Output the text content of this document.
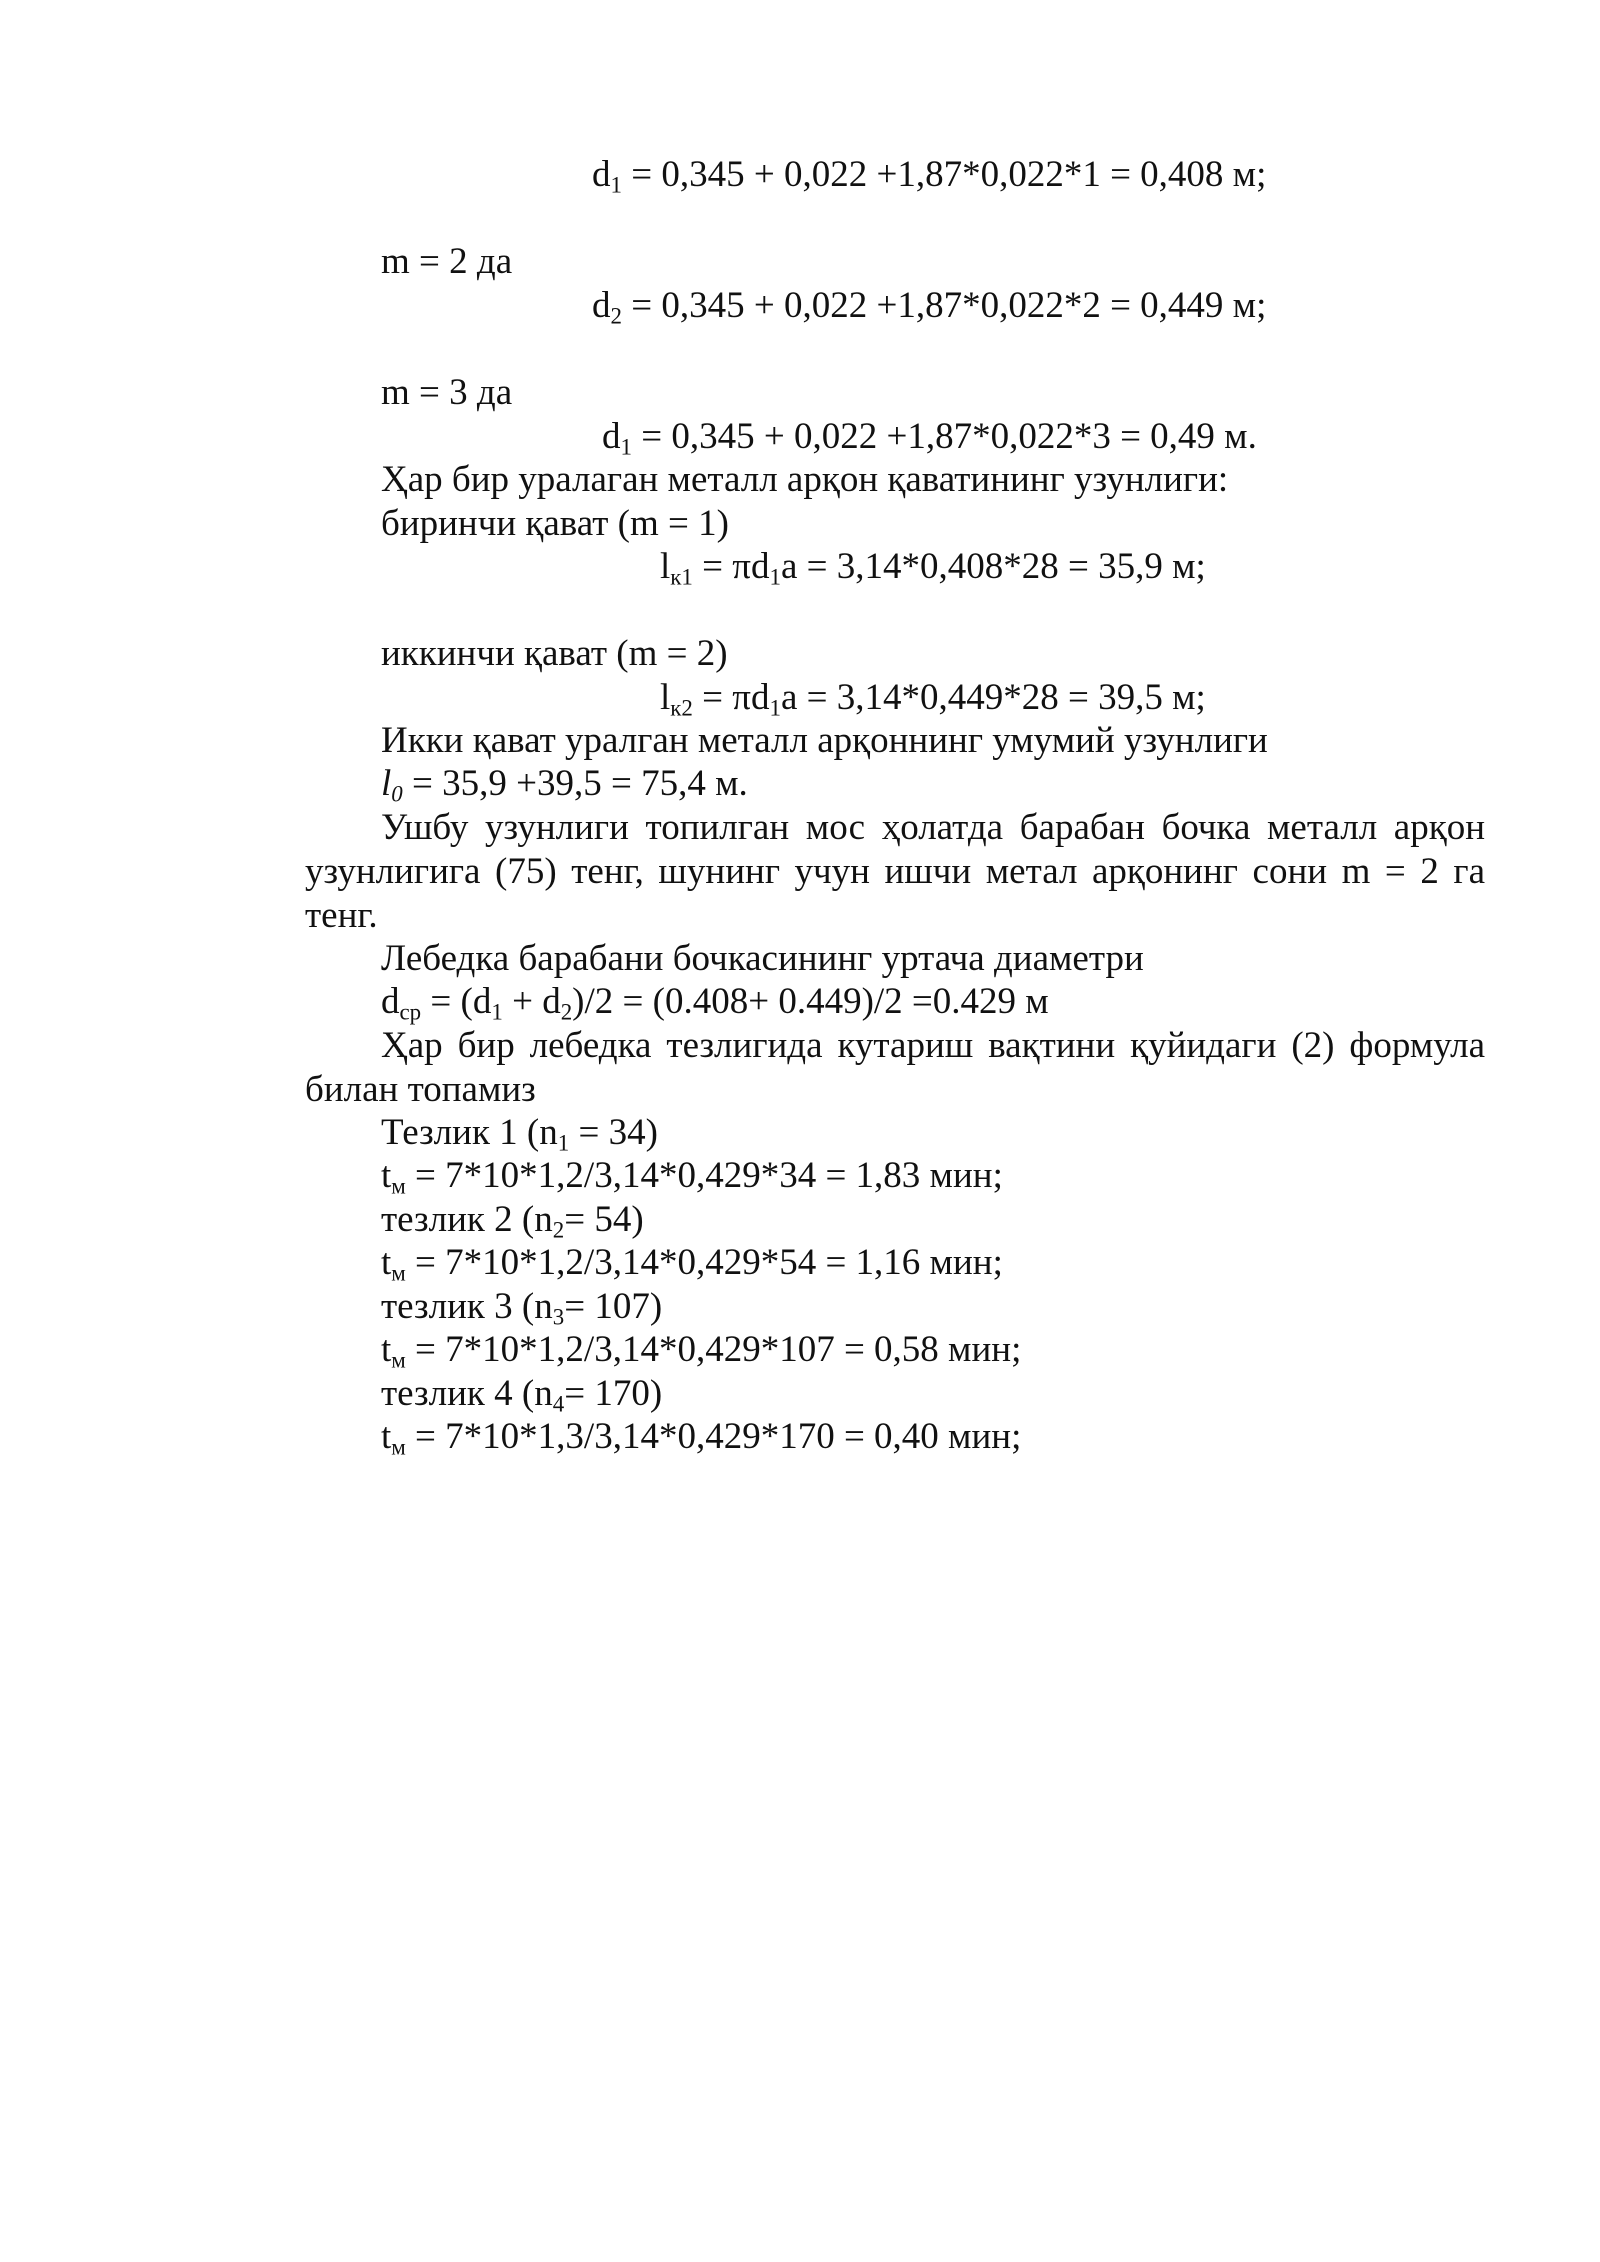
$d_1 = 0,345 + 0,022 +1,87*0,022*1 = 0,408$ м;
m = 2 да
$d_2 = 0,345 + 0,022 +1,87*0,022*2 = 0,449$ м;
m = 3 да
$d_1 = 0,345 + 0,022 +1,87*0,022*3 = 0,49$ м.
Ҳар бир уралаган металл арқон қаватининг узунлиги:
биринчи қават (m = 1)
$l_{к1} = \pi d_1a = 3,14*0,408*28 = 35,9$ м;
иккинчи қават (m = 2)
$l_{к2} = \pi d_1a = 3,14*0,449*28 = 39,5$ м;
Икки қават уралган металл арқоннинг умумий узунлиги
$l_0 = 35,9 +39,5 = 75,4$ м.
Ушбу узунлиги топилган мос ҳолатда барабан бочка металл арқон узунлигига (75) тенг, шунинг учун ишчи метал арқонинг сони m = 2 га тенг.
Лебедка барабани бочкасининг уртача диаметри
$d_{ср} = (d_1 + d_2)/2 = (0.408+ 0.449)/2 =0.429$ м
Ҳар бир лебедка тезлигида кутариш вақтини қуйидаги (2) формула билан топамиз
Тезлик 1 $(n_1 = 34)$
$t_м = 7*10*1,2/3,14*0,429*34 = 1,83$ мин;
тезлик 2 $(n_2= 54)$
$t_м = 7*10*1,2/3,14*0,429*54 = 1,16$ мин;
тезлик 3 $(n_3= 107)$
$t_м = 7*10*1,2/3,14*0,429*107 = 0,58$ мин;
тезлик 4 $(n_4= 170)$
$t_м = 7*10*1,3/3,14*0,429*170 = 0,40$ мин;
